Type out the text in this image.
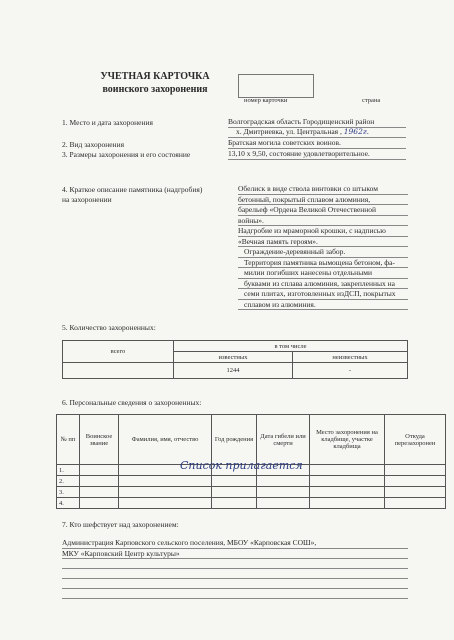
УЧЕТНАЯ КАРТОЧКА
воинского захоронения
номер карточки	страна
1. Место и дата захоронения	Волгоградская область Городищенский район
х. Дмитриевка, ул. Центральная , 1962г.
2. Вид захоронения	Братская могила советских воинов.
3. Размеры захоронения и его состояние	13,10 х 9,50, состояние удовлетворительное.
4. Краткое описание памятника (надгробия)
на захоронении
Обелиск в виде ствола винтовки со штыком
бетонный, покрытый сплавом алюминия,
барельеф «Ордена Великой Отечественной
войны».
Надгробие из мраморной крошки, с надписью
«Вечная память героям».
Ограждение-деревянный забор.
Территория памятника вымощена бетоном, фа-
милии погибших нанесены отдельными
буквами из сплава алюминия, закрепленных на
семи плитах, изготовленных изДСП, покрытых
сплавом из алюминия.
5. Количество захороненных:
всего	в том числе	
	известных	неизвестных
	1244	-
6. Персональные сведения о захороненных:
№ пп	Воинское звание	Фамилия, имя, отчество	Год рождения	Дата гибели или смерти	Место захоронения на кладбище, участке кладбища	Откуда перезахоронен
1.						
2.						
3.						
4.						
Список прилагается
7. Кто шефствует над захоронением:
Администрация Карповского сельского поселения, МБОУ «Карповская СОШ»,
МКУ «Карповский Центр культуры»
